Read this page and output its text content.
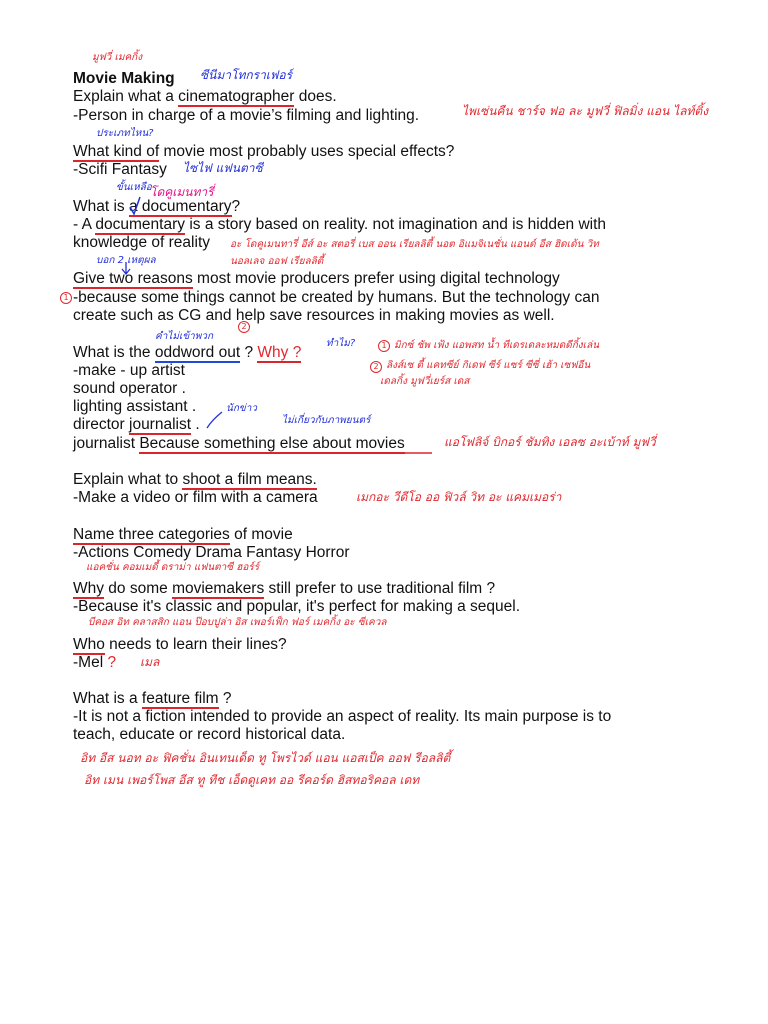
มูฟวี่ เมคกิ้ง
Movie Making ซีนีมาโทกราเฟอร์
Explain what a cinematographer does.
-Person in charge of a movie’s filming and lighting.	ไพเซ่นคืน ชาร์จ ฟอ ละ มูฟวี่ ฟิลมิ่ง แอน ไลท์ติ้ง
ประเภทไหน?
What kind of movie most probably uses special effects?
-Scifi Fantasy ไซไฟ แฟนตาซี
ขั้นเหลือ
โดคูเมนทารี่
What is a documentary?
- A documentary is a story based on reality. not imagination and is hidden with
knowledge of reality อะ โดคูเมนทารี่ อีส์ อะ สตอรี่ เบส ออน เรียลลิตี้ นอต อิแมจิเนชั่น แอนด์ อีส ฮิดเด้น วิท
นอลเลจ ออฟ เรียลลิตี้
บอก 2 เหตุผล
Give two reasons most movie producers prefer using digital technology
1 -because some things cannot be created by humans. But the technology can
create such as CG and help save resources in making movies as well.
คำไม่เข้าพวก
2
ทำไม?
What is the oddword out ? Why ?	1 มิกซ์ ชัพ เฟ้ง แอพสท น้ำ ทีเดรเดละหมดดีกิ้งเล่น
2 ลิงส์เซ ตี้ แคทซีย์ กิเดฟ ซีร์ แซร์ ซีซี่ เฮ้า เซฟอีน
เดลกิ้ง มูฟวี่เยร์ส เดส
-make - up artist
sound operator .
lighting assistant .	นักข่าว
ไม่เกี่ยวกับภาพยนตร์
director journalist .
journalist Because something else about movies	แอโฟลิจ์ บิกอร์ ชัมทิง เอลซ อะเบ้าท์ มูฟวี่
Explain what to shoot a film means.
-Make a video or film with a camera	เมกอะ วีดีโอ ออ ฟิวล์ วิท อะ แคมเมอร่า
Name three categories of movie
-Actions Comedy Drama Fantasy Horror
แอคชั่น คอมเมดี้ ดราม่า แฟนตาซี ฮอร์ร์
Why do some moviemakers still prefer to use traditional film ?
-Because it's classic and popular, it's perfect for making a sequel.
บีคอส อิท คลาสสิก แอน ป๊อบปูล่า อิส เพอร์เฟ็ก ฟอร์ เมคกิ้ง อะ ซีเควล
Who needs to learn their lines?
-Mel ? เมล
What is a feature film ?
-It is not a fiction intended to provide an aspect of reality. Its main purpose is to
teach, educate or record historical data.
อิท อีส นอท อะ ฟิคชั่น อินเทนเด็ด ทู โพรไวด์ แอน แอสเป็ค ออฟ รีอลลิตี้
อิท เมน เพอร์โพส อีส ทู ทีช เอ็ดดูเคท ออ รีคอร์ด ฮิสทอริคอล เดท
